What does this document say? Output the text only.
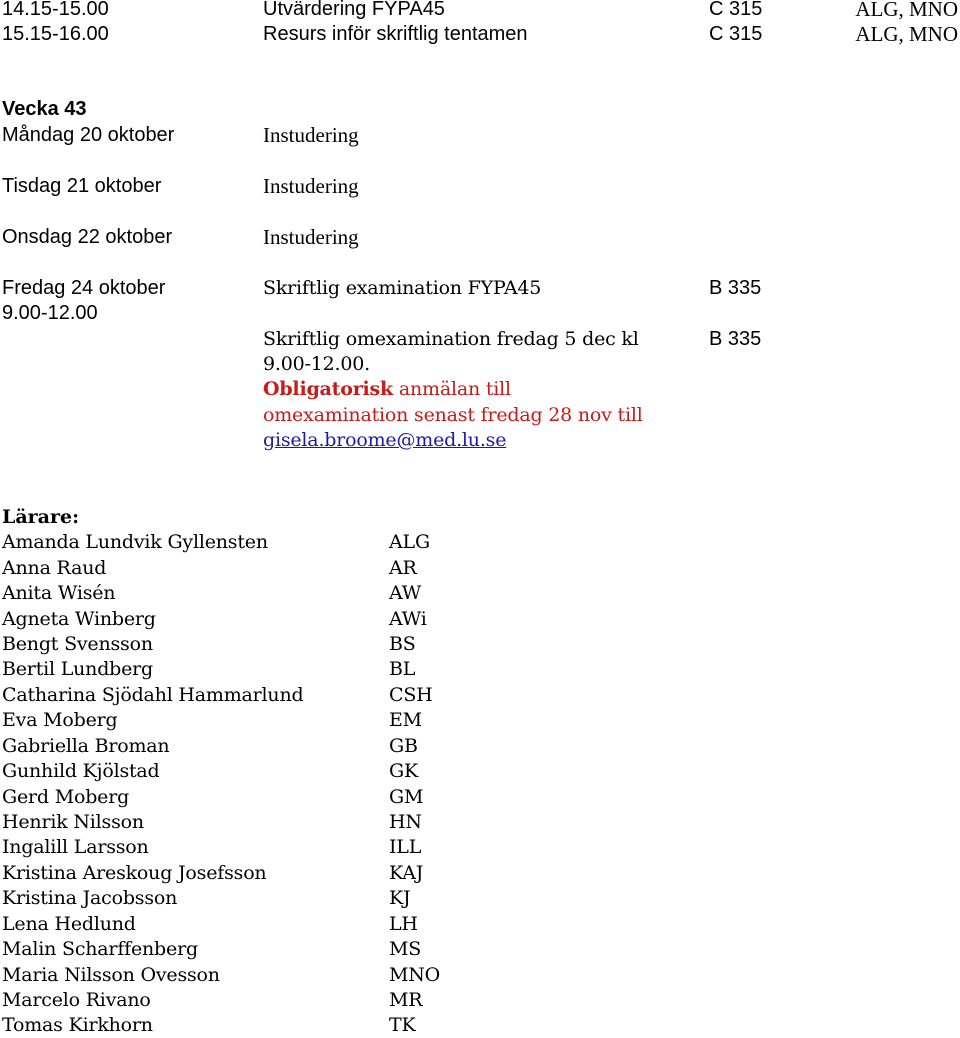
14.15-15.00	Utvärdering FYPA45	C 315	ALG, MNO
15.15-16.00	Resurs inför skriftlig tentamen	C 315	ALG, MNO
Vecka 43
Måndag 20 oktober	Instudering
Tisdag 21 oktober	Instudering
Onsdag 22 oktober	Instudering
Fredag 24 oktober
9.00-12.00
Skriftlig examination FYPA45	B 335
Skriftlig omexamination fredag 5 dec kl	B 335
9.00-12.00.
Obligatorisk anmälan till
omexamination senast fredag 28 nov till
gisela.broome@med.lu.se
Lärare:
Amanda Lundvik Gyllensten	ALG
Anna Raud	AR
Anita Wisén	AW
Agneta Winberg	AWi
Bengt Svensson	BS
Bertil Lundberg	BL
Catharina Sjödahl Hammarlund	CSH
Eva Moberg	EM
Gabriella Broman	GB
Gunhild Kjölstad	GK
Gerd Moberg	GM
Henrik Nilsson	HN
Ingalill Larsson	ILL
Kristina Areskoug Josefsson	KAJ
Kristina Jacobsson	KJ
Lena Hedlund	LH
Malin Scharffenberg	MS
Maria Nilsson Ovesson	MNO
Marcelo Rivano	MR
Tomas Kirkhorn	TK
